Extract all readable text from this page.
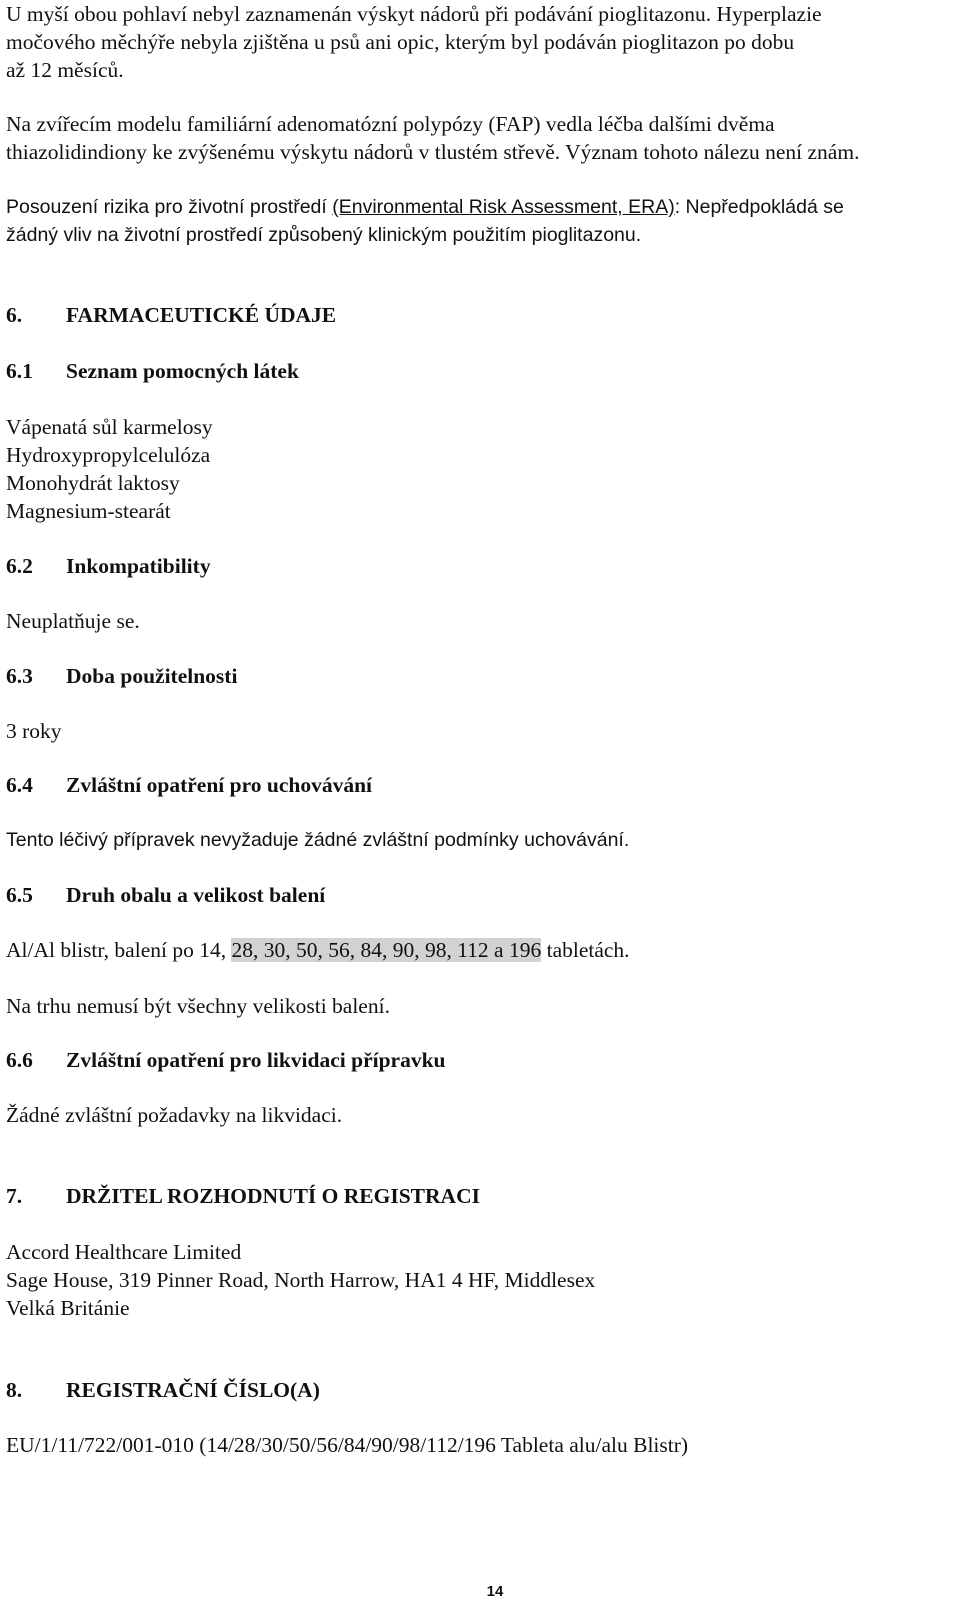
U myší obou pohlaví nebyl zaznamenán výskyt nádorů při podávání pioglitazonu. Hyperplazie
močového měchýře nebyla zjištěna u psů ani opic, kterým byl podáván pioglitazon po dobu
až 12 měsíců.
Na zvířecím modelu familiární adenomatózní polypózy (FAP) vedla léčba dalšími dvěma
thiazolidindiony ke zvýšenému výskytu nádorů v tlustém střevě. Význam tohoto nálezu není znám.
Posouzení rizika pro životní prostředí (Environmental Risk Assessment, ERA): Nepředpokládá se
žádný vliv na životní prostředí způsobený klinickým použitím pioglitazonu.
6. FARMACEUTICKÉ ÚDAJE
6.1 Seznam pomocných látek
Vápenatá sůl karmelosy
Hydroxypropylcelulóza
Monohydrát laktosy
Magnesium-stearát
6.2 Inkompatibility
Neuplatňuje se.
6.3 Doba použitelnosti
3 roky
6.4 Zvláštní opatření pro uchovávání
Tento léčivý přípravek nevyžaduje žádné zvláštní podmínky uchovávání.
6.5 Druh obalu a velikost balení
Al/Al blistr, balení po 14, 28, 30, 50, 56, 84, 90, 98, 112 a 196 tabletách.
Na trhu nemusí být všechny velikosti balení.
6.6 Zvláštní opatření pro likvidaci přípravku
Žádné zvláštní požadavky na likvidaci.
7. DRŽITEL ROZHODNUTÍ O REGISTRACI
Accord Healthcare Limited
Sage House, 319 Pinner Road, North Harrow, HA1 4 HF, Middlesex
Velká Británie
8. REGISTRAČNÍ ČÍSLO(A)
EU/1/11/722/001-010 (14/28/30/50/56/84/90/98/112/196 Tableta alu/alu Blistr)
14
